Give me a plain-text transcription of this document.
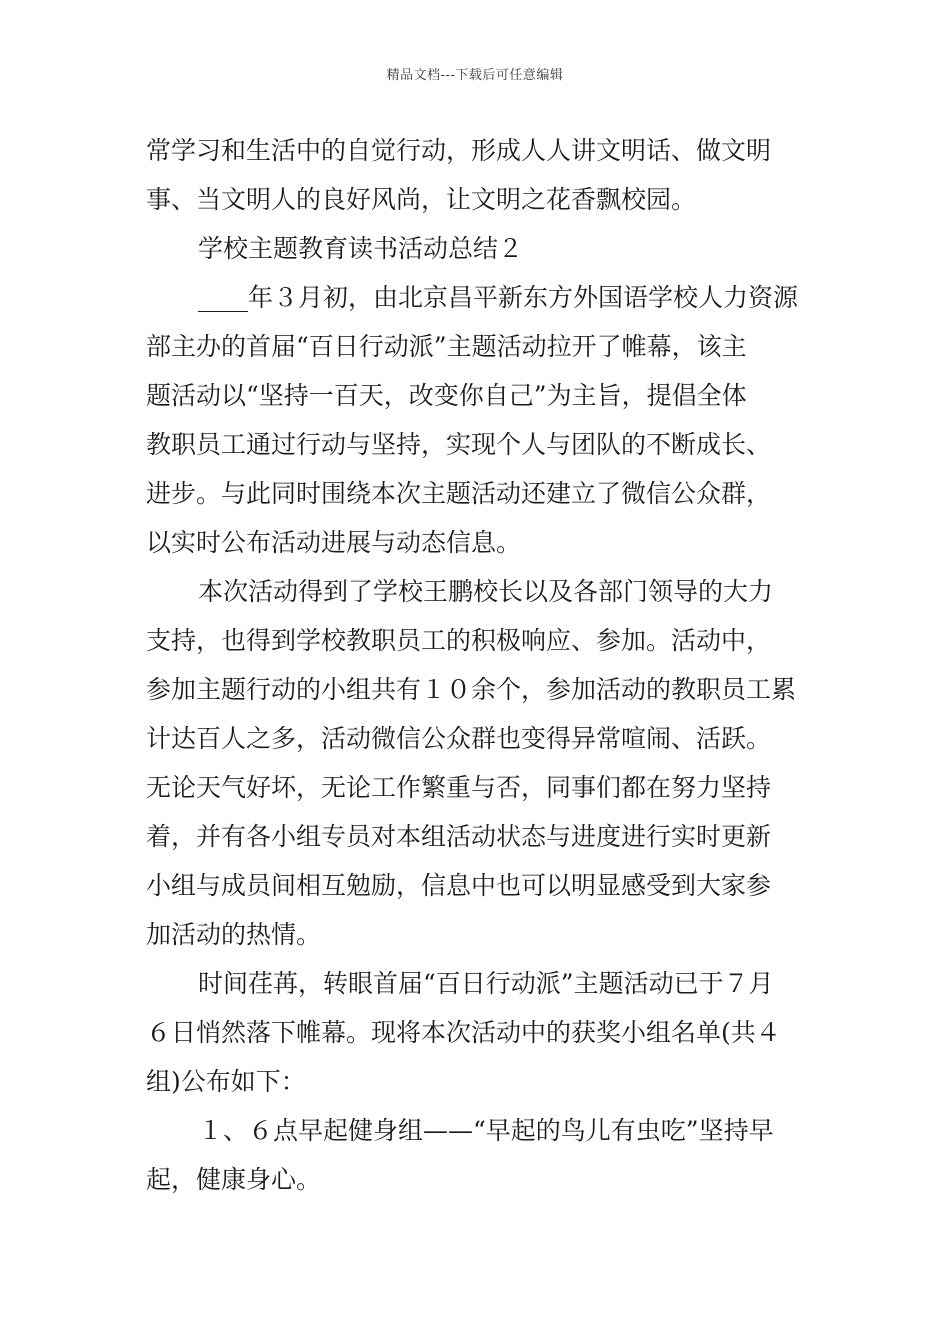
精品文档---下载后可任意编辑
常学习和生活中的自觉行动，形成人人讲文明话、做文明
事、当文明人的良好风尚，让文明之花香飘校园。
学校主题教育读书活动总结２
____年３月初，由北京昌平新东方外国语学校人力资源
部主办的首届“百日行动派”主题活动拉开了帷幕，该主
题活动以“坚持一百天，改变你自己”为主旨，提倡全体
教职员工通过行动与坚持，实现个人与团队的不断成长、
进步。与此同时围绕本次主题活动还建立了微信公众群，
以实时公布活动进展与动态信息。
本次活动得到了学校王鹏校长以及各部门领导的大力
支持，也得到学校教职员工的积极响应、参加。活动中，
参加主题行动的小组共有１０余个，参加活动的教职员工累
计达百人之多，活动微信公众群也变得异常喧闹、活跃。
无论天气好坏，无论工作繁重与否，同事们都在努力坚持
着，并有各小组专员对本组活动状态与进度进行实时更新
小组与成员间相互勉励，信息中也可以明显感受到大家参
加活动的热情。
时间荏苒，转眼首届“百日行动派”主题活动已于７月
６日悄然落下帷幕。现将本次活动中的获奖小组名单(共４
组)公布如下：
１、６点早起健身组——“早起的鸟儿有虫吃”坚持早
起，健康身心。
